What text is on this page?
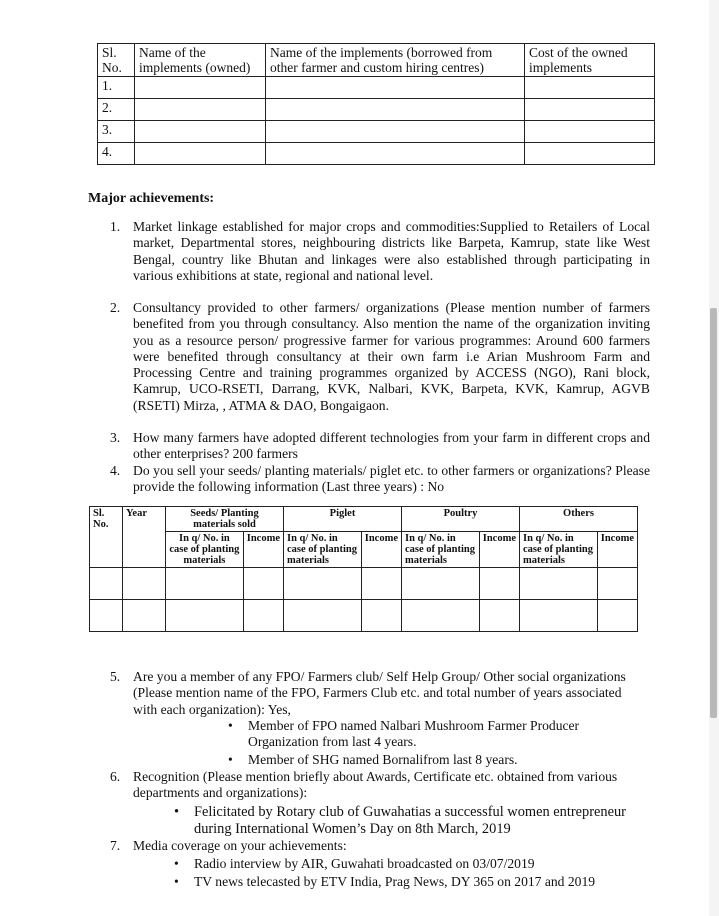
Sl. No.	Name of the implements (owned)	Name of the implements (borrowed from other farmer and custom hiring centres)	Cost of the owned implements
1.			
2.			
3.			
4.			
Major achievements:
1. Market linkage established for major crops and commodities:Supplied to Retailers of Local market, Departmental stores, neighbouring districts like Barpeta, Kamrup, state like West Bengal, country like Bhutan and linkages were also established through participating in various exhibitions at state, regional and national level.
2. Consultancy provided to other farmers/ organizations (Please mention number of farmers benefited from you through consultancy. Also mention the name of the organization inviting you as a resource person/ progressive farmer for various programmes: Around 600 farmers were benefited through consultancy at their own farm i.e Arian Mushroom Farm and Processing Centre and training programmes organized by ACCESS (NGO), Rani block, Kamrup, UCO-RSETI, Darrang, KVK, Nalbari, KVK, Barpeta, KVK, Kamrup, AGVB (RSETI) Mirza, , ATMA & DAO, Bongaigaon.
3. How many farmers have adopted different technologies from your farm in different crops and other enterprises? 200 farmers
4. Do you sell your seeds/ planting materials/ piglet etc. to other farmers or organizations? Please provide the following information (Last three years) : No
Sl. No.	Year	Seeds/ Planting materials sold		Piglet		Poultry		Others	
		In q/ No. in case of planting materials	Income	In q/ No. in case of planting materials	Income	In q/ No. in case of planting materials	Income	In q/ No. in case of planting materials	Income

5. Are you a member of any FPO/ Farmers club/ Self Help Group/ Other social organizations (Please mention name of the FPO, Farmers Club etc. and total number of years associated with each organization): Yes,
• Member of FPO named Nalbari Mushroom Farmer Producer Organization from last 4 years.
• Member of SHG named Bornalifrom last 8 years.
6. Recognition (Please mention briefly about Awards, Certificate etc. obtained from various departments and organizations):
• Felicitated by Rotary club of Guwahatias a successful women entrepreneur during International Women’s Day on 8th March, 2019
7. Media coverage on your achievements:
• Radio interview by AIR, Guwahati broadcasted on 03/07/2019
• TV news telecasted by ETV India, Prag News, DY 365 on 2017 and 2019
